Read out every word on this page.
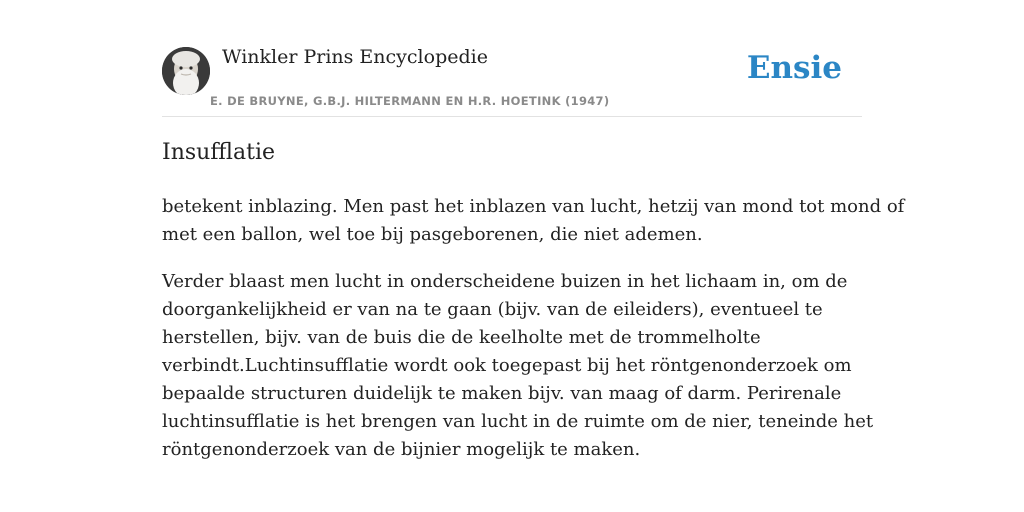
Winkler Prins Encyclopedie
E. DE BRUYNE, G.B.J. HILTERMANN EN H.R. HOETINK (1947)
Ensie
Insufflatie

betekent inblazing. Men past het inblazen van lucht, hetzij van mond tot mond of
met een ballon, wel toe bij pasgeborenen, die niet ademen.

Verder blaast men lucht in onderscheidene buizen in het lichaam in, om de
doorgankelijkheid er van na te gaan (bijv. van de eileiders), eventueel te
herstellen, bijv. van de buis die de keelholte met de trommelholte
verbindt.Luchtinsufflatie wordt ook toegepast bij het röntgenonderzoek om
bepaalde structuren duidelijk te maken bijv. van maag of darm. Perirenale
luchtinsufflatie is het brengen van lucht in de ruimte om de nier, teneinde het
röntgenonderzoek van de bijnier mogelijk te maken.
